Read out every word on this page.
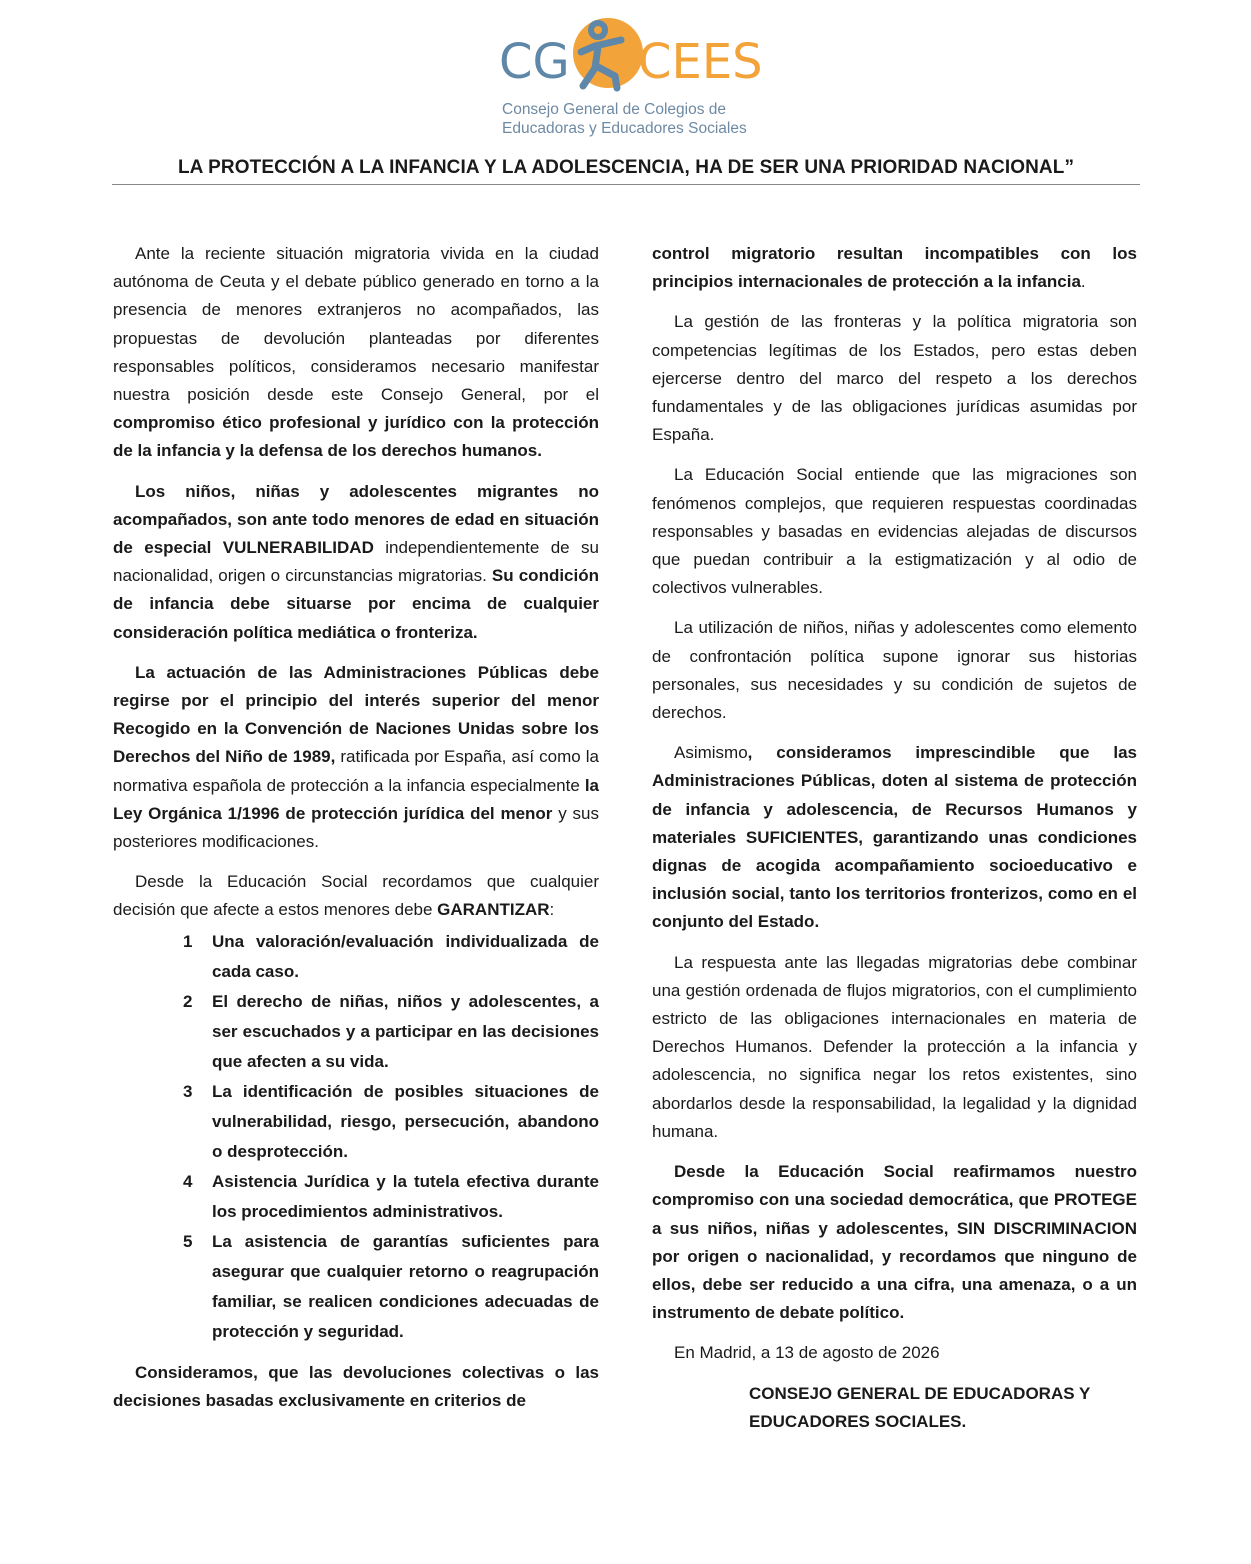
CG CEES
Consejo General de Colegios de
Educadoras y Educadores Sociales
LA PROTECCIÓN A LA INFANCIA Y LA ADOLESCENCIA, HA DE SER UNA PRIORIDAD NACIONAL”

Ante la reciente situación migratoria vivida en la ciudad autónoma de Ceuta y el debate público generado en torno a la presencia de menores extranjeros no acompañados, las propuestas de devolución planteadas por diferentes responsables políticos, consideramos necesario manifestar nuestra posición desde este Consejo General, por el compromiso ético profesional y jurídico con la protección de la infancia y la defensa de los derechos humanos.

Los niños, niñas y adolescentes migrantes no acompañados, son ante todo menores de edad en situación de especial VULNERABILIDAD independientemente de su nacionalidad, origen o circunstancias migratorias. Su condición de infancia debe situarse por encima de cualquier consideración política mediática o fronteriza.

La actuación de las Administraciones Públicas debe regirse por el principio del interés superior del menor Recogido en la Convención de Naciones Unidas sobre los Derechos del Niño de 1989, ratificada por España, así como la normativa española de protección a la infancia especialmente la Ley Orgánica 1/1996 de protección jurídica del menor y sus posteriores modificaciones.

Desde la Educación Social recordamos que cualquier decisión que afecte a estos menores debe GARANTIZAR:

1 Una valoración/evaluación individualizada de cada caso.
2 El derecho de niñas, niños y adolescentes, a ser escuchados y a participar en las decisiones que afecten a su vida.
3 La identificación de posibles situaciones de vulnerabilidad, riesgo, persecución, abandono o desprotección.
4 Asistencia Jurídica y la tutela efectiva durante los procedimientos administrativos.
5 La asistencia de garantías suficientes para asegurar que cualquier retorno o reagrupación familiar, se realicen condiciones adecuadas de protección y seguridad.

Consideramos, que las devoluciones colectivas o las decisiones basadas exclusivamente en criterios de

control migratorio resultan incompatibles con los principios internacionales de protección a la infancia.

La gestión de las fronteras y la política migratoria son competencias legítimas de los Estados, pero estas deben ejercerse dentro del marco del respeto a los derechos fundamentales y de las obligaciones jurídicas asumidas por España.

La Educación Social entiende que las migraciones son fenómenos complejos, que requieren respuestas coordinadas responsables y basadas en evidencias alejadas de discursos que puedan contribuir a la estigmatización y al odio de colectivos vulnerables.

La utilización de niños, niñas y adolescentes como elemento de confrontación política supone ignorar sus historias personales, sus necesidades y su condición de sujetos de derechos.

Asimismo, consideramos imprescindible que las Administraciones Públicas, doten al sistema de protección de infancia y adolescencia, de Recursos Humanos y materiales SUFICIENTES, garantizando unas condiciones dignas de acogida acompañamiento socioeducativo e inclusión social, tanto los territorios fronterizos, como en el conjunto del Estado.

La respuesta ante las llegadas migratorias debe combinar una gestión ordenada de flujos migratorios, con el cumplimiento estricto de las obligaciones internacionales en materia de Derechos Humanos. Defender la protección a la infancia y adolescencia, no significa negar los retos existentes, sino abordarlos desde la responsabilidad, la legalidad y la dignidad humana.

Desde la Educación Social reafirmamos nuestro compromiso con una sociedad democrática, que PROTEGE a sus niños, niñas y adolescentes, SIN DISCRIMINACION por origen o nacionalidad, y recordamos que ninguno de ellos, debe ser reducido a una cifra, una amenaza, o a un instrumento de debate político.

En Madrid, a 13 de agosto de 2026

CONSEJO GENERAL DE EDUCADORAS Y
EDUCADORES SOCIALES.
